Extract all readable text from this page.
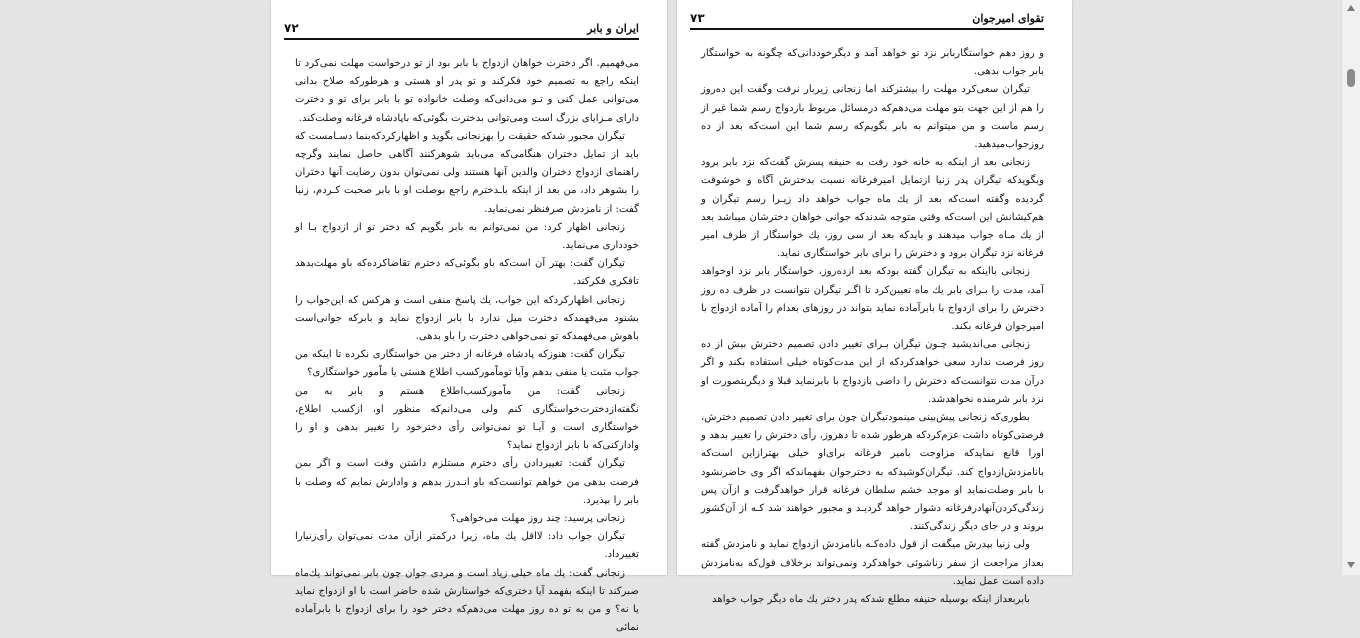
۷۲	ایران و بابر

می‌فهمیم. اگر دخترت خواهان ازدواج با بابر بود از تو درخواست مهلت نمی‌کرد تا اینکه راجع به تصمیم خود فکرکند و تو پدر او هستی و هرطورکه صلاح بدانی می‌توانی عمل کنی و تـو می‌دانی‌که وصلت خانواده تو با بابر برای تو و دخترت دارای مـزایای بزرگ است ومی‌توانی بدخترت بگوئی‌که باپادشاه فرغانه وصلت‌کند.

تیگران مجبور شدکه حقیقت را بهزنجانی بگوید و اظهارکردکه‌بنما دسـامست که باید از تمایل دختران هنگامی‌که می‌باید شوهرکنند آگاهی حاصل نمایند وگرچه راهنمای ازدواج دختران والدین آنها هستند ولی نمی‌توان بدون رضایت آنها دختران را بشوهر داد، من بعد از اینکه باـدخترم راجع بوصلت او با بابر صحبت کـردم، زنیا گفت: از نامزدش صرفنظر نمی‌نماید.

زنجانی اظهار کرد: من نمی‌توانم به بابر بگویم که دختر تو از ازدواج بـا او خودداری می‌نماید.

تیگران گفت: بهتر آن است‌که باو بگوئی‌که دخترم تقاضاکرده‌که باو مهلت‌بدهد تافکری فکرکند.

زنجانی اظهارکردکه این جواب، یك پاسخ منفی است و هرکس که این‌جواب را بشنود می‌فهمدکه دخترت میل ندارد با بابر ازدواج نماید و بابرکه جوانی‌است با‌هوش می‌فهمدکه تو نمی‌خواهی دخترت را باو بدهی.

تیگران گفت: هنوزکه پادشاه فرغانه از دختر من خواستگاری نکرده تا اینکه من جواب مثبت یا منفی بدهم وآیا توماًمورکسب اطلاع هستی یا ماًمور خواستگاری؟

زنجانی گفت: من ماًمورکسب‌اطلاع هستم و بابر به من نگفته‌ازدخترت‌خواستگاری کنم ولی می‌دانم‌که منظور او، ازکسب اطلاع، خواستگاری است و آیـا تو نمی‌توانی رأی دخترخود را تغییر بدهی و او را وادارکنی‌که با بابر ازدواج نماید؟

تیگران گفت: تغییردادن رأی دخترم مستلزم داشتن وقت است و اگر بمن فرصت بدهی من خواهم توانست‌که باو انـدرز بدهم و وادارش نمایم که وصلت با بابر را بپذیرد.

زنجانی پرسید: چند روز مهلت می‌خواهی؟

تیگران جواب داد: لااقل یك ماه، زیرا درکمتر ازآن مدت نمی‌توان رأی‌زنیارا تغییرداد.

زنجانی گفت: یك ماه خیلی زیاد است و مردی جوان چون بابر نمی‌تواند یك‌ماه صبرکند تا اینکه بفهمد آیا دختری‌که خواستارش شده حاضر است با او ازدواج نماید یا نه؟ و من به تو ده روز مهلت می‌دهم‌که دختر خود را برای ازدواج با بابرآماده نمائی

۷۳	تقوای امیرجوان

و روز دهم خواستگاربابر نزد تو خواهد آمد و دیگرخوددانی‌که چگونه به خواستگار بابر جواب بدهی.

تیگران سعی‌کرد مهلت را بیشترکند اما زنجانی زیربار نرفت وگفت این ده‌روز را هم از این جهت بتو مهلت می‌دهم‌که درمسائل مربوط بازدواج رسم شما غیر از رسم ماست و من میتوانم به بابر بگویم‌که رسم شما این است‌که بعد از ده روزجواب‌میدهید.

زنجانی بعد از اینکه به خانه خود رفت به حنیفه پسرش گفت‌که نزد بابر برود وبگویدکه تیگران پدر زنیا ازتمایل امیرفرغانه نسبت بدخترش آگاه و خوشوقت گردیده وگفته است‌که بعد از یك ماه جواب خواهد داد زیـرا رسم تیگران و هم‌کیشانش این است‌که وقتی متوجه شدندکه جوانی خواهان دخترشان میباشد بعد از یك مـاه جواب میدهند و بایدکه بعد از سی روز، یك خواستگار از طرف امیر فرغانه نزد تیگران برود و دخترش را برای بابر خواستگاری نماید.

زنجانی بااینکه به تیگران گفته بودکه بعد ازده‌روز، خواستگار بابر نزد اوخواهد آمد، مدت را بـرای بابر یك ماه تعیین‌کرد تا اگـر تیگران نتوانست در ظرف ده روز دخترش را برای ازدواج با بابرآماده نماید بتواند در روزهای بعدام را آماده ازدواج با امیرجوان فرغانه بکند.

زنجانی می‌اندیشید چـون تیگران بـرای تغییر دادن تصمیم دخترش بیش از ده روز فرصت ندارد سعی خواهدکردکه از این مدت‌کوتاه خیلی استفاده بکند و اگر درآن مدت نتوانست‌که دخترش را داضی بازدواج با بابرنماید قبلا و دیگربتصورت او نزد بابر شرمنده نخواهدشد.

بطوری‌که زنجانی پیش‌بینی مینمودتیگران چون برای تغییر دادن تصمیم دخترش، فرصتی‌کوتاه داشت عزم‌کردکه هرطور شده تا دهروز، رأی دخترش را تغییر بدهد و اورا قانع نمایدکه مزاوجت بامیر فرغانه برای‌او خیلی بهترازاین است‌که بانامزدش‌ازدواج کند. تیگران‌کوشیدکه به دخترجوان بفهماندکه اگر وی حاضرنشود با بابر وصلت‌نماید او موجد خشم سلطان فرغانه قرار خواهدگرفت و ازآن پس زندگی‌کردن‌آنهادرفرغانه دشوار خواهد گردیـد و مجبور خواهند شد کـه از آن‌کشور بروند و در جای دیگر زندگی‌کنند.

ولی زنیا بپدرش میگفت از قول داده‌کـه بانامزدش ازدواج نماید و نامزدش گفته بعداز مراجعت از سفر زناشوئی خواهدکرد ونمی‌تواند برخلاف قول‌که به‌نامزدش داده است عمل نماید.

بابربعداز اینکه بوسیله حنیفه مطلع شدکه پدر دختر یك ماه دیگر جواب خواهد
